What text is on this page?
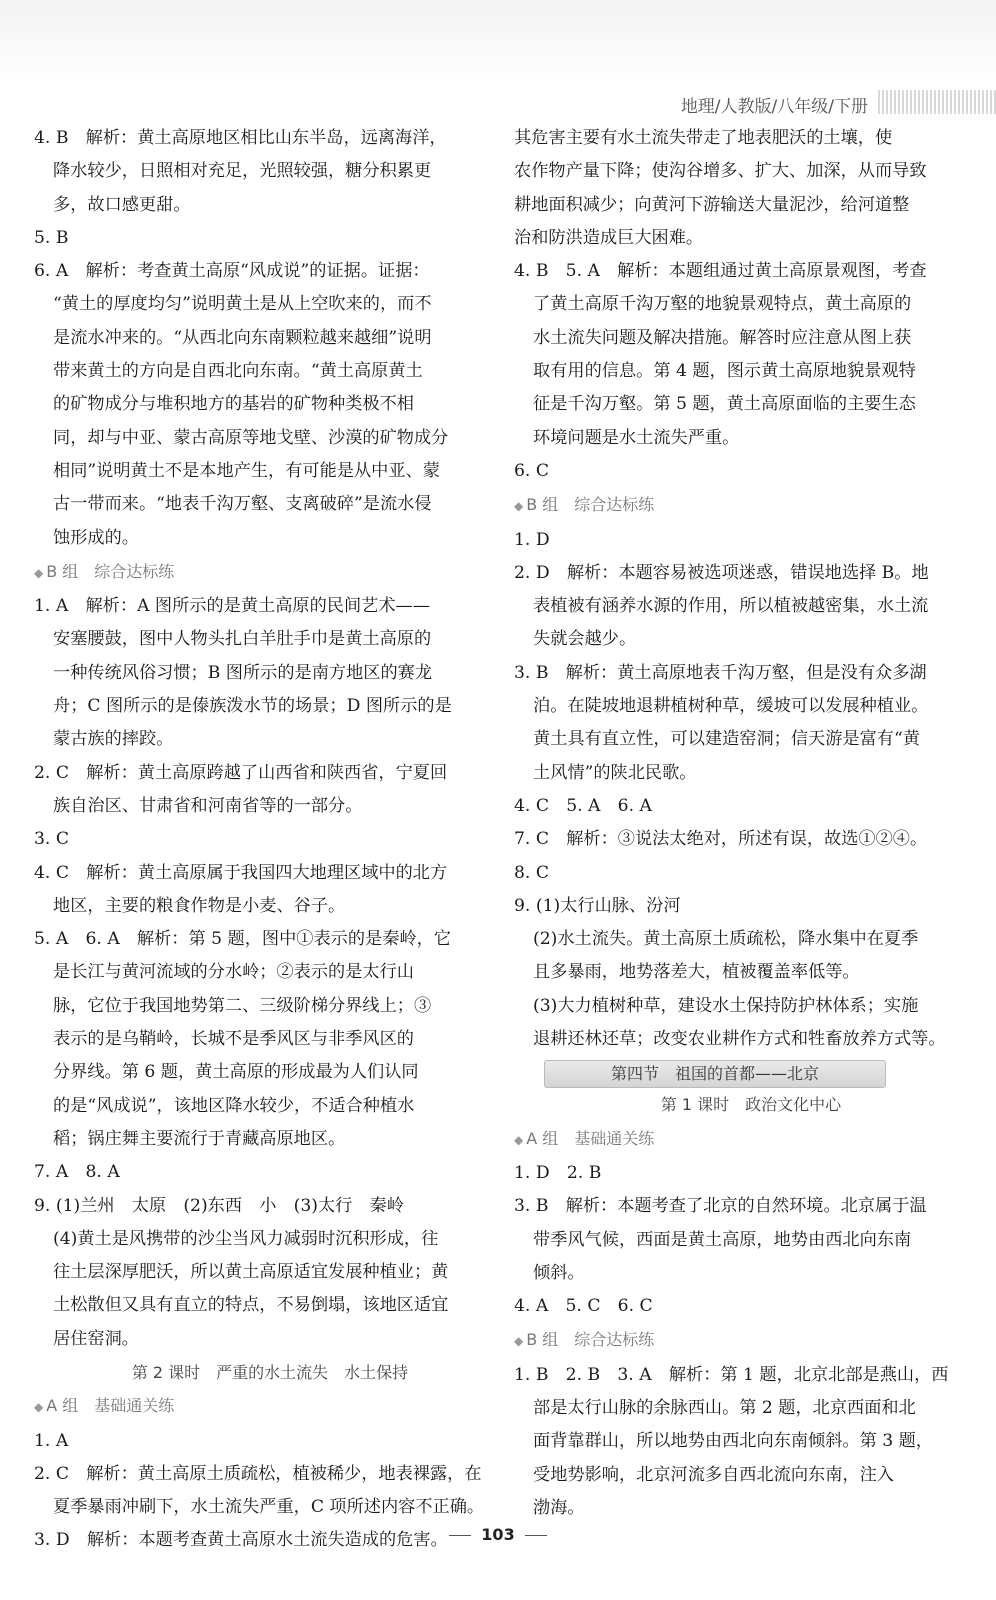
地理/人教版/八年级/下册

4. B　解析：黄土高原地区相比山东半岛，远离海洋，

降水较少，日照相对充足，光照较强，糖分积累更

多，故口感更甜。

5. B

6. A　解析：考查黄土高原“风成说”的证据。证据：

“黄土的厚度均匀”说明黄土是从上空吹来的，而不

是流水冲来的。“从西北向东南颗粒越来越细”说明

带来黄土的方向是自西北向东南。“黄土高原黄土

的矿物成分与堆积地方的基岩的矿物种类极不相

同，却与中亚、蒙古高原等地戈壁、沙漠的矿物成分

相同”说明黄土不是本地产生，有可能是从中亚、蒙

古一带而来。“地表千沟万壑、支离破碎”是流水侵

蚀形成的。

◆ B 组　综合达标练

1. A　解析：A 图所示的是黄土高原的民间艺术——

安塞腰鼓，图中人物头扎白羊肚手巾是黄土高原的

一种传统风俗习惯；B 图所示的是南方地区的赛龙

舟；C 图所示的是傣族泼水节的场景；D 图所示的是

蒙古族的摔跤。

2. C　解析：黄土高原跨越了山西省和陕西省，宁夏回

族自治区、甘肃省和河南省等的一部分。

3. C

4. C　解析：黄土高原属于我国四大地理区域中的北方

地区，主要的粮食作物是小麦、谷子。

5. A　6. A　解析：第 5 题，图中①表示的是秦岭，它

是长江与黄河流域的分水岭；②表示的是太行山

脉，它位于我国地势第二、三级阶梯分界线上；③

表示的是乌鞘岭，长城不是季风区与非季风区的

分界线。第 6 题，黄土高原的形成最为人们认同

的是“风成说”，该地区降水较少，不适合种植水

稻；锅庄舞主要流行于青藏高原地区。

7. A　8. A

9. (1)兰州　太原　(2)东西　小　(3)太行　秦岭

(4)黄土是风携带的沙尘当风力减弱时沉积形成，往

往土层深厚肥沃，所以黄土高原适宜发展种植业；黄

土松散但又具有直立的特点，不易倒塌，该地区适宜

居住窑洞。

第 2 课时　严重的水土流失　水土保持

◆ A 组　基础通关练

1. A

2. C　解析：黄土高原土质疏松，植被稀少，地表裸露，在

夏季暴雨冲刷下，水土流失严重，C 项所述内容不正确。

3. D　解析：本题考查黄土高原水土流失造成的危害。

其危害主要有水土流失带走了地表肥沃的土壤，使

农作物产量下降；使沟谷增多、扩大、加深，从而导致

耕地面积减少；向黄河下游输送大量泥沙，给河道整

治和防洪造成巨大困难。

4. B　5. A　解析：本题组通过黄土高原景观图，考查

了黄土高原千沟万壑的地貌景观特点，黄土高原的

水土流失问题及解决措施。解答时应注意从图上获

取有用的信息。第 4 题，图示黄土高原地貌景观特

征是千沟万壑。第 5 题，黄土高原面临的主要生态

环境问题是水土流失严重。

6. C

◆ B 组　综合达标练

1. D

2. D　解析：本题容易被选项迷惑，错误地选择 B。地

表植被有涵养水源的作用，所以植被越密集，水土流

失就会越少。

3. B　解析：黄土高原地表千沟万壑，但是没有众多湖

泊。在陡坡地退耕植树种草，缓坡可以发展种植业。

黄土具有直立性，可以建造窑洞；信天游是富有“黄

土风情”的陕北民歌。

4. C　5. A　6. A

7. C　解析：③说法太绝对，所述有误，故选①②④。

8. C

9. (1)太行山脉、汾河

(2)水土流失。黄土高原土质疏松，降水集中在夏季

且多暴雨，地势落差大，植被覆盖率低等。

(3)大力植树种草，建设水土保持防护林体系；实施

退耕还林还草；改变农业耕作方式和牲畜放养方式等。

第四节　祖国的首都——北京

第 1 课时　政治文化中心

◆ A 组　基础通关练

1. D　2. B

3. B　解析：本题考查了北京的自然环境。北京属于温

带季风气候，西面是黄土高原，地势由西北向东南

倾斜。

4. A　5. C　6. C

◆ B 组　综合达标练

1. B　2. B　3. A　解析：第 1 题，北京北部是燕山，西

部是太行山脉的余脉西山。第 2 题，北京西面和北

面背靠群山，所以地势由西北向东南倾斜。第 3 题，

受地势影响，北京河流多自西北流向东南，注入

渤海。

103
